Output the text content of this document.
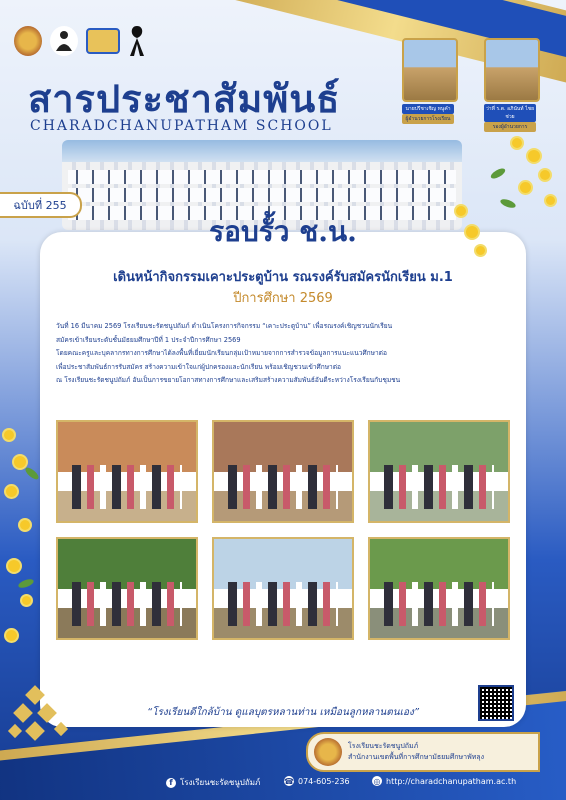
สารประชาสัมพันธ์
CHARADCHANUPATHAM SCHOOL
นายปรีชาเชิญ หนูคำ
ผู้อำนวยการโรงเรียน
ว่าที่ ร.ต. อภินันท์ ไชยช่วย
รองผู้อำนวยการ
ฉบับที่ 255
รอบรั้ว ช.น.
เดินหน้ากิจกรรมเคาะประตูบ้าน รณรงค์รับสมัครนักเรียน ม.1
ปีการศึกษา 2569
วันที่ 16 มีนาคม 2569 โรงเรียนชะรัดชนูปถัมภ์ ดำเนินโครงการกิจกรรม “เคาะประตูบ้าน” เพื่อรณรงค์เชิญชวนนักเรียน
สมัครเข้าเรียนระดับชั้นมัธยมศึกษาปีที่ 1 ประจำปีการศึกษา 2569
โดยคณะครูและบุคลากรทางการศึกษาได้ลงพื้นที่เยี่ยมนักเรียนกลุ่มเป้าหมายจากการสำรวจข้อมูลการแนะแนวศึกษาต่อ
เพื่อประชาสัมพันธ์การรับสมัคร สร้างความเข้าใจแก่ผู้ปกครองและนักเรียน พร้อมเชิญชวนเข้าศึกษาต่อ
ณ โรงเรียนชะรัดชนูปถัมภ์ อันเป็นการขยายโอกาสทางการศึกษาและเสริมสร้างความสัมพันธ์อันดีระหว่างโรงเรียนกับชุมชน
“โรงเรียนดีใกล้บ้าน ดูแลบุตรหลานท่าน เหมือนลูกหลานตนเอง”
โรงเรียนชะรัดชนูปถัมภ์
สำนักงานเขตพื้นที่การศึกษามัธยมศึกษาพัทลุง
f โรงเรียนชะรัดชนูปถัมภ์	☎ 074-605-236	◎ http://charadchanupatham.ac.th
